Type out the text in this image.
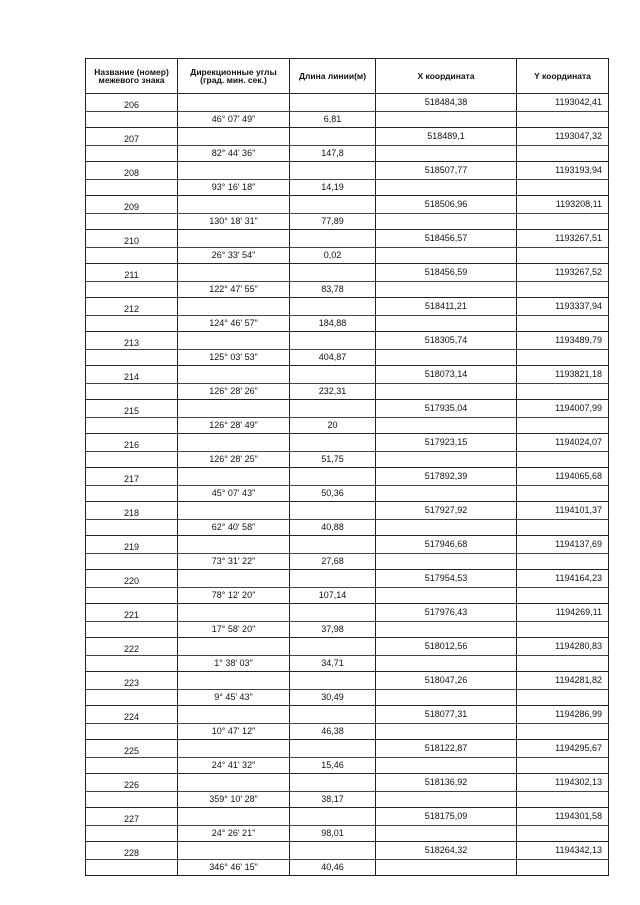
Название (номер) межевого знака	Дирекционные углы (град. мин. сек.)	Длина линии(м)	X координата	Y координата
206			518484,38	1193042,41
	46° 07' 49"	6,81		
207			518489,1	1193047,32
	82° 44' 36"	147,8		
208			518507,77	1193193,94
	93° 16' 18"	14,19		
209			518506,96	1193208,11
	130° 18' 31"	77,89		
210			518456,57	1193267,51
	26° 33' 54"	0,02		
211			518456,59	1193267,52
	122° 47' 55"	83,78		
212			518411,21	1193337,94
	124° 46' 57"	184,88		
213			518305,74	1193489,79
	125° 03' 53"	404,87		
214			518073,14	1193821,18
	126° 28' 26"	232,31		
215			517935,04	1194007,99
	126° 28' 49"	20		
216			517923,15	1194024,07
	126° 28' 25"	51,75		
217			517892,39	1194065,68
	45° 07' 43"	50,36		
218			517927,92	1194101,37
	62° 40' 58"	40,88		
219			517946,68	1194137,69
	73° 31' 22"	27,68		
220			517954,53	1194164,23
	78° 12' 20"	107,14		
221			517976,43	1194269,11
	17° 58' 20"	37,98		
222			518012,56	1194280,83
	1° 38' 03"	34,71		
223			518047,26	1194281,82
	9° 45' 43"	30,49		
224			518077,31	1194286,99
	10° 47' 12"	46,38		
225			518122,87	1194295,67
	24° 41' 32"	15,46		
226			518136,92	1194302,13
	359° 10' 28"	38,17		
227			518175,09	1194301,58
	24° 26' 21"	98,01		
228			518264,32	1194342,13
	346° 46' 15"	40,46		
